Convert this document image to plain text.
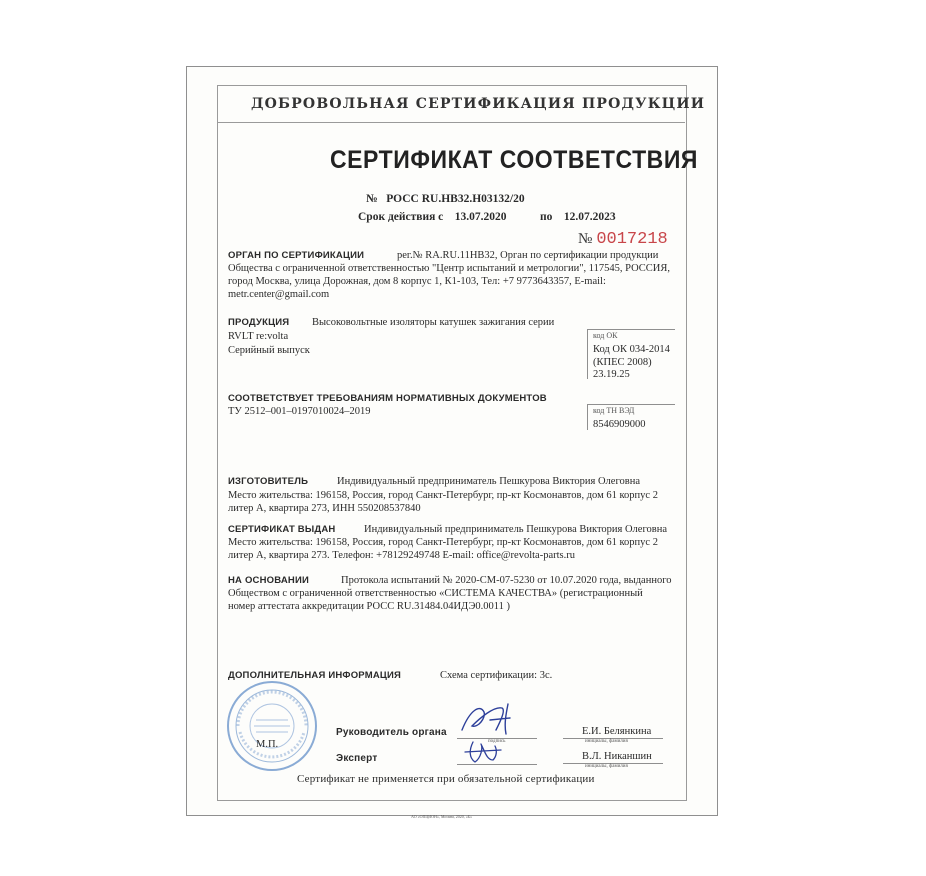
ДОБРОВОЛЬНАЯ СЕРТИФИКАЦИЯ ПРОДУКЦИИ
СЕРТИФИКАТ СООТВЕТСТВИЯ
№ РОСС RU.HB32.H03132/20
Срок действия с 13.07.2020	по 12.07.2023
№ 0017218
ОРГАН ПО СЕРТИФИКАЦИИ	рег.№ RA.RU.11HB32, Орган по сертификации продукции
Общества с ограниченной ответственностью "Центр испытаний и метрологии", 117545, РОССИЯ,
город Москва, улица Дорожная, дом 8 корпус 1, К1-103, Тел: +7 9773643357, E-mail:
metr.center@gmail.com
ПРОДУКЦИЯ Высоковольтные изоляторы катушек зажигания серии
RVLT re:volta
Серийный выпуск
код ОК
Код ОК 034-2014
(КПЕС 2008)
23.19.25
СООТВЕТСТВУЕТ ТРЕБОВАНИЯМ НОРМАТИВНЫХ ДОКУМЕНТОВ
ТУ 2512–001–0197010024–2019	код ТН ВЭД
8546909000
ИЗГОТОВИТЕЛЬ	Индивидуальный предприниматель Пешкурова Виктория Олеговна
Место жительства: 196158, Россия, город Санкт-Петербург, пр-кт Космонавтов, дом 61 корпус 2
литер А, квартира 273, ИНН 550208537840
СЕРТИФИКАТ ВЫДАН	Индивидуальный предприниматель Пешкурова Виктория Олеговна
Место жительства: 196158, Россия, город Санкт-Петербург, пр-кт Космонавтов, дом 61 корпус 2
литер А, квартира 273. Телефон: +78129249748 E-mail: office@revolta-parts.ru
НА ОСНОВАНИИ	Протокола испытаний № 2020-СМ-07-5230 от 10.07.2020 года, выданного
Обществом с ограниченной ответственностью «СИСТЕМА КАЧЕСТВА» (регистрационный
номер аттестата аккредитации РОСС RU.31484.04ИДЭ0.0011 )
ДОПОЛНИТЕЛЬНАЯ ИНФОРМАЦИЯ	Схема сертификации: 3с.
М.П.
Руководитель органа
подпись
Е.И. Белянкина
инициалы, фамилия
Эксперт	В.Л. Никаншин
инициалы, фамилия
Сертификат не применяется при обязательной сертификации
АО «ОПЦИОН», Москва, 2020, «Б»
